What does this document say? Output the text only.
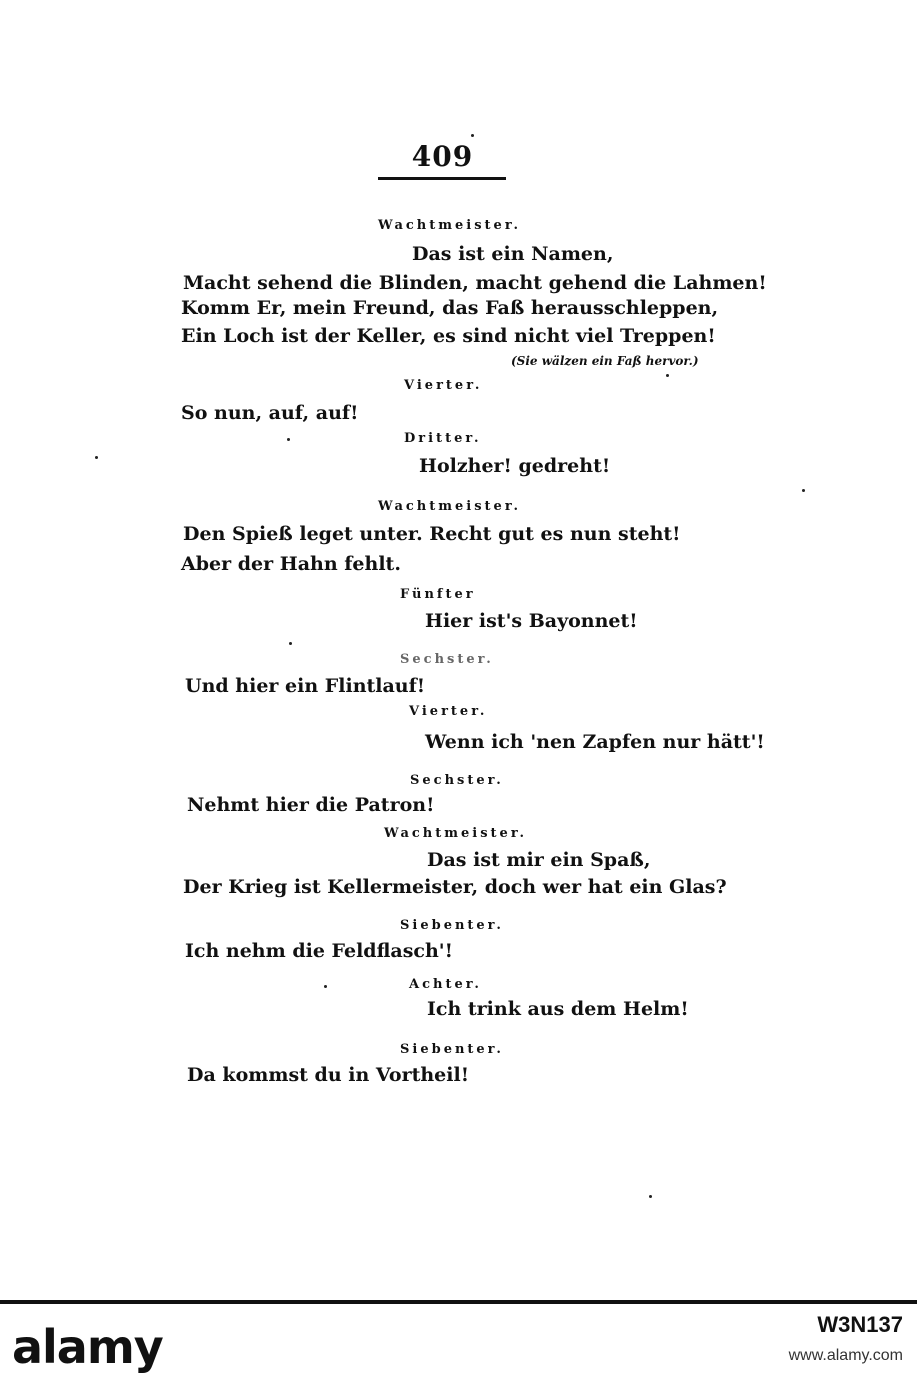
409
Wachtmeister.
Das ist ein Namen,
Macht sehend die Blinden, macht gehend die Lahmen!
Komm Er, mein Freund, das Faß herausschleppen,
Ein Loch ist der Keller, es sind nicht viel Treppen!
(Sie wälzen ein Faß hervor.)
Vierter.
So nun, auf, auf!
Dritter.
Holzher! gedreht!
Wachtmeister.
Den Spieß leget unter. Recht gut es nun steht!
Aber der Hahn fehlt.
Fünfter
Hier ist's Bayonnet!
Sechster.
Und hier ein Flintlauf!
Vierter.
Wenn ich 'nen Zapfen nur hätt'!
Sechster.
Nehmt hier die Patron!
Wachtmeister.
Das ist mir ein Spaß,
Der Krieg ist Kellermeister, doch wer hat ein Glas?
Siebenter.
Ich nehm die Feldflasch'!
Achter.
Ich trink aus dem Helm!
Siebenter.
Da kommst du in Vortheil!
alamy	W3N137
www.alamy.com
